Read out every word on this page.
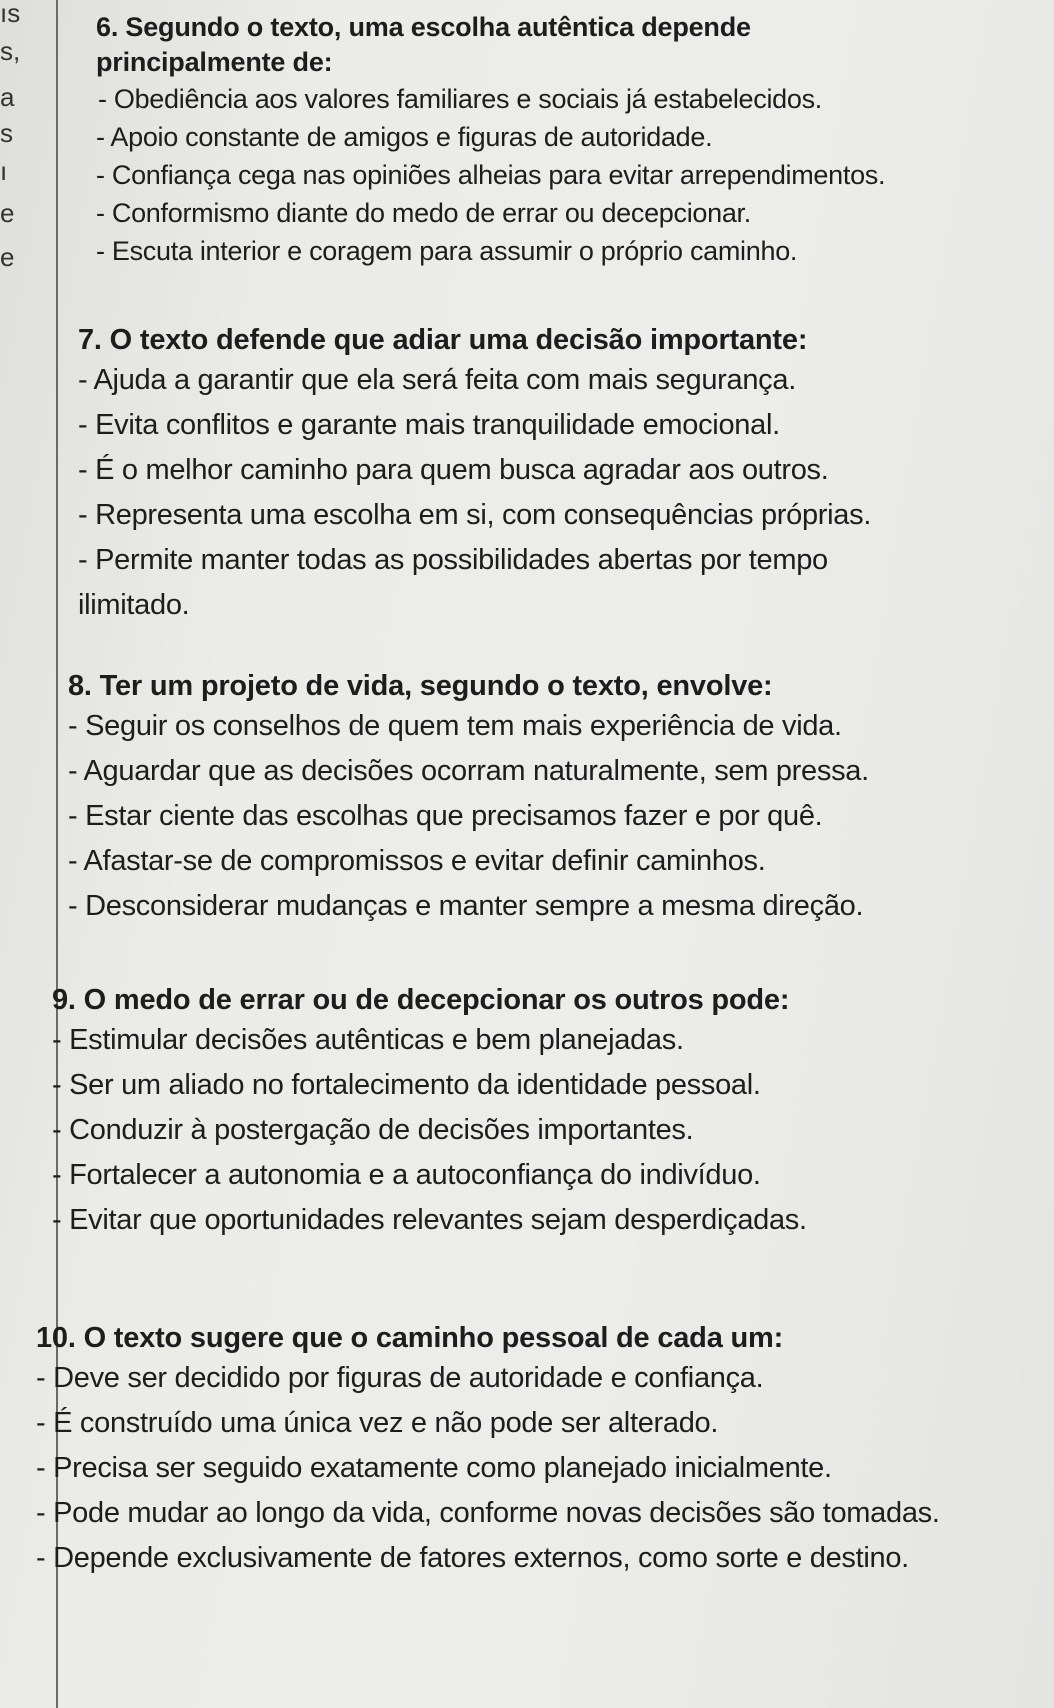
ıs
s,
a
s
ı
e
e

6. Segundo o texto, uma escolha autêntica depende
principalmente de:

- Obediência aos valores familiares e sociais já estabelecidos.

- Apoio constante de amigos e figuras de autoridade.

- Confiança cega nas opiniões alheias para evitar arrependimentos.

- Conformismo diante do medo de errar ou decepcionar.

- Escuta interior e coragem para assumir o próprio caminho.

7. O texto defende que adiar uma decisão importante:

- Ajuda a garantir que ela será feita com mais segurança.

- Evita conflitos e garante mais tranquilidade emocional.

- É o melhor caminho para quem busca agradar aos outros.

- Representa uma escolha em si, com consequências próprias.

- Permite manter todas as possibilidades abertas por tempo ilimitado.

8. Ter um projeto de vida, segundo o texto, envolve:

- Seguir os conselhos de quem tem mais experiência de vida.

- Aguardar que as decisões ocorram naturalmente, sem pressa.

- Estar ciente das escolhas que precisamos fazer e por quê.

- Afastar-se de compromissos e evitar definir caminhos.

- Desconsiderar mudanças e manter sempre a mesma direção.

9. O medo de errar ou de decepcionar os outros pode:

- Estimular decisões autênticas e bem planejadas.

- Ser um aliado no fortalecimento da identidade pessoal.

- Conduzir à postergação de decisões importantes.

- Fortalecer a autonomia e a autoconfiança do indivíduo.

- Evitar que oportunidades relevantes sejam desperdiçadas.

10. O texto sugere que o caminho pessoal de cada um:

- Deve ser decidido por figuras de autoridade e confiança.

- É construído uma única vez e não pode ser alterado.

- Precisa ser seguido exatamente como planejado inicialmente.

- Pode mudar ao longo da vida, conforme novas decisões são tomadas.

- Depende exclusivamente de fatores externos, como sorte e destino.
